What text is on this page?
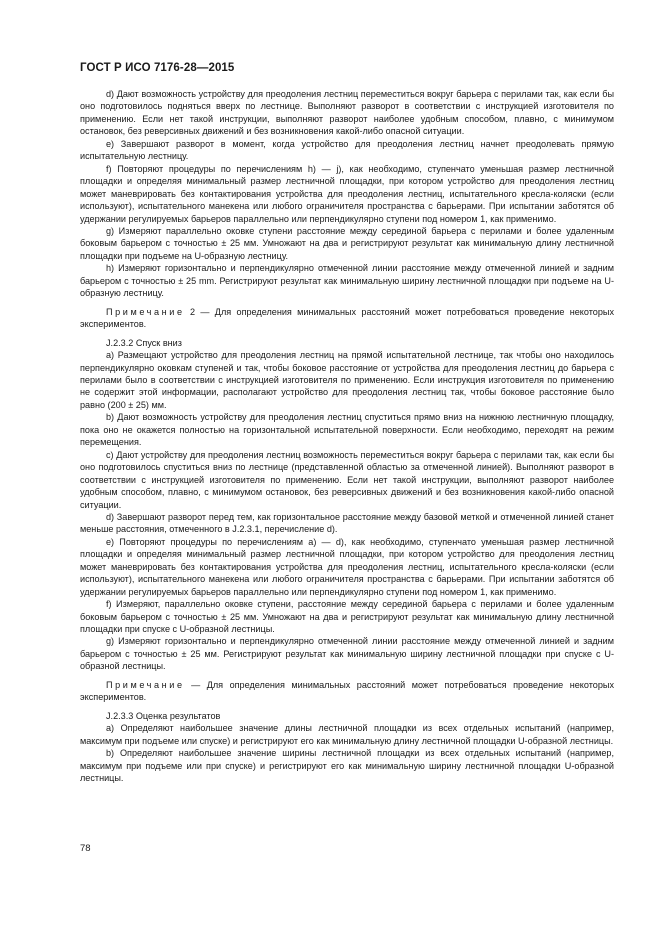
ГОСТ Р ИСО 7176-28—2015

d) Дают возможность устройству для преодоления лестниц переместиться вокруг барьера с перилами так, как если бы оно подготовилось подняться вверх по лестнице. Выполняют разворот в соответствии с инструкцией изготовителя по применению. Если нет такой инструкции, выполняют разворот наиболее удобным способом, плавно, с минимумом остановок, без реверсивных движений и без возникновения какой-либо опасной ситуации.

e) Завершают разворот в момент, когда устройство для преодоления лестниц начнет преодолевать прямую испытательную лестницу.

f) Повторяют процедуры по перечислениям h) — j), как необходимо, ступенчато уменьшая размер лестничной площадки и определяя минимальный размер лестничной площадки, при котором устройство для преодоления лестниц может маневрировать без контактирования устройства для преодоления лестниц, испытательного кресла-коляски (если используют), испытательного манекена или любого ограничителя пространства с барьерами. При испытании заботятся об удержании регулируемых барьеров параллельно или перпендикулярно ступени под номером 1, как применимо.

g) Измеряют параллельно оковке ступени расстояние между серединой барьера с перилами и более удаленным боковым барьером с точностью ± 25 мм. Умножают на два и регистрируют результат как минимальную длину лестничной площадки при подъеме на U-образную лестницу.

h) Измеряют горизонтально и перпендикулярно отмеченной линии расстояние между отмеченной линией и задним барьером с точностью ± 25 mm. Регистрируют результат как минимальную ширину лестничной площадки при подъеме на U-образную лестницу.

Примечание 2 — Для определения минимальных расстояний может потребоваться проведение некоторых экспериментов.

J.2.3.2 Спуск вниз

a) Размещают устройство для преодоления лестниц на прямой испытательной лестнице, так чтобы оно находилось перпендикулярно оковкам ступеней и так, чтобы боковое расстояние от устройства для преодоления лестниц до барьера с перилами было в соответствии с инструкцией изготовителя по применению. Если инструкция изготовителя по применению не содержит этой информации, располагают устройство для преодоления лестниц так, чтобы боковое расстояние было равно (200 ± 25) мм.

b) Дают возможность устройству для преодоления лестниц спуститься прямо вниз на нижнюю лестничную площадку, пока оно не окажется полностью на горизонтальной испытательной поверхности. Если необходимо, переходят на режим перемещения.

c) Дают устройству для преодоления лестниц возможность переместиться вокруг барьера с перилами так, как если бы оно подготовилось спуститься вниз по лестнице (представленной областью за отмеченной линией). Выполняют разворот в соответствии с инструкцией изготовителя по применению. Если нет такой инструкции, выполняют разворот наиболее удобным способом, плавно, с минимумом остановок, без реверсивных движений и без возникновения какой-либо опасной ситуации.

d) Завершают разворот перед тем, как горизонтальное расстояние между базовой меткой и отмеченной линией станет меньше расстояния, отмеченного в J.2.3.1, перечисление d).

e) Повторяют процедуры по перечислениям a) — d), как необходимо, ступенчато уменьшая размер лестничной площадки и определяя минимальный размер лестничной площадки, при котором устройство для преодоления лестниц может маневрировать без контактирования устройства для преодоления лестниц, испытательного кресла-коляски (если используют), испытательного манекена или любого ограничителя пространства с барьерами. При испытании заботятся об удержании регулируемых барьеров параллельно или перпендикулярно ступени под номером 1, как применимо.

f) Измеряют, параллельно оковке ступени, расстояние между серединой барьера с перилами и более удаленным боковым барьером с точностью ± 25 мм. Умножают на два и регистрируют результат как минимальную длину лестничной площадки при спуске с U-образной лестницы.

g) Измеряют горизонтально и перпендикулярно отмеченной линии расстояние между отмеченной линией и задним барьером с точностью ± 25 мм. Регистрируют результат как минимальную ширину лестничной площадки при спуске с U-образной лестницы.

Примечание — Для определения минимальных расстояний может потребоваться проведение некоторых экспериментов.

J.2.3.3 Оценка результатов

a) Определяют наибольшее значение длины лестничной площадки из всех отдельных испытаний (например, максимум при подъеме или спуске) и регистрируют его как минимальную длину лестничной площадки U-образной лестницы.

b) Определяют наибольшее значение ширины лестничной площадки из всех отдельных испытаний (например, максимум при подъеме или при спуске) и регистрируют его как минимальную ширину лестничной площадки U-образной лестницы.

78
